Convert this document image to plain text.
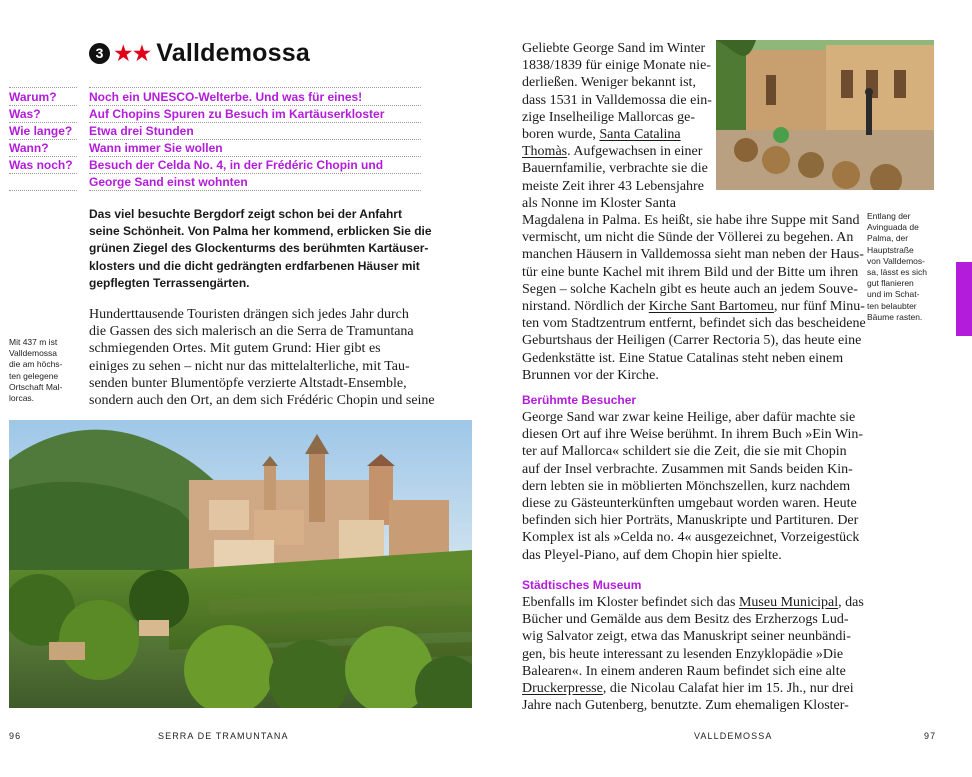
3 ★★ Valldemossa
Warum?	Noch ein UNESCO-Welterbe. Und was für eines!
Was?	Auf Chopins Spuren zu Besuch im Kartäuserkloster
Wie lange?	Etwa drei Stunden
Wann?	Wann immer Sie wollen
Was noch?	Besuch der Celda No. 4, in der Frédéric Chopin und
George Sand einst wohnten
Das viel besuchte Bergdorf zeigt schon bei der Anfahrt
seine Schönheit. Von Palma her kommend, erblicken Sie die
grünen Ziegel des Glockenturms des berühmten Kartäuser-
klosters und die dicht gedrängten erdfarbenen Häuser mit
gepflegten Terrassengärten.
Hunderttausende Touristen drängen sich jedes Jahr durch
die Gassen des sich malerisch an die Serra de Tramuntana
schmiegenden Ortes. Mit gutem Grund: Hier gibt es
einiges zu sehen – nicht nur das mittelalterliche, mit Tau-
senden bunter Blumentöpfe verzierte Altstadt-Ensemble,
sondern auch den Ort, an dem sich Frédéric Chopin und seine
Mit 437 m ist
Valldemossa
die am höchs-
ten gelegene
Ortschaft Mal-
lorcas.
96	SERRA DE TRAMUNTANA
Geliebte George Sand im Winter
1838/1839 für einige Monate nie-
derließen. Weniger bekannt ist,
dass 1531 in Valldemossa die ein-
zige Inselheilige Mallorcas ge-
boren wurde, Santa Catalina
Thomàs. Aufgewachsen in einer
Bauernfamilie, verbrachte sie die
meiste Zeit ihrer 43 Lebensjahre
als Nonne im Kloster Santa
Magdalena in Palma. Es heißt, sie habe ihre Suppe mit Sand
vermischt, um nicht die Sünde der Völlerei zu begehen. An
manchen Häusern in Valldemossa sieht man neben der Haus-
tür eine bunte Kachel mit ihrem Bild und der Bitte um ihren
Segen – solche Kacheln gibt es heute auch an jedem Souve-
nirstand. Nördlich der Kirche Sant Bartomeu, nur fünf Minu-
ten vom Stadtzentrum entfernt, befindet sich das bescheidene
Geburtshaus der Heiligen (Carrer Rectoria 5), das heute eine
Gedenkstätte ist. Eine Statue Catalinas steht neben einem
Brunnen vor der Kirche.
Entlang der
Avinguada de
Palma, der
Hauptstraße
von Valldemos-
sa, lässt es sich
gut flanieren
und im Schat-
ten belaubter
Bäume rasten.
Berühmte Besucher
George Sand war zwar keine Heilige, aber dafür machte sie
diesen Ort auf ihre Weise berühmt. In ihrem Buch »Ein Win-
ter auf Mallorca« schildert sie die Zeit, die sie mit Chopin
auf der Insel verbrachte. Zusammen mit Sands beiden Kin-
dern lebten sie in möblierten Mönchszellen, kurz nachdem
diese zu Gästeunterkünften umgebaut worden waren. Heute
befinden sich hier Porträts, Manuskripte und Partituren. Der
Komplex ist als »Celda no. 4« ausgezeichnet, Vorzeigestück
das Pleyel-Piano, auf dem Chopin hier spielte.
Städtisches Museum
Ebenfalls im Kloster befindet sich das Museu Municipal, das
Bücher und Gemälde aus dem Besitz des Erzherzogs Lud-
wig Salvator zeigt, etwa das Manuskript seiner neunbändi-
gen, bis heute interessant zu lesenden Enzyklopädie »Die
Balearen«. In einem anderen Raum befindet sich eine alte
Druckerpresse, die Nicolau Calafat hier im 15. Jh., nur drei
Jahre nach Gutenberg, benutzte. Zum ehemaligen Kloster-
VALLDEMOSSA	97
